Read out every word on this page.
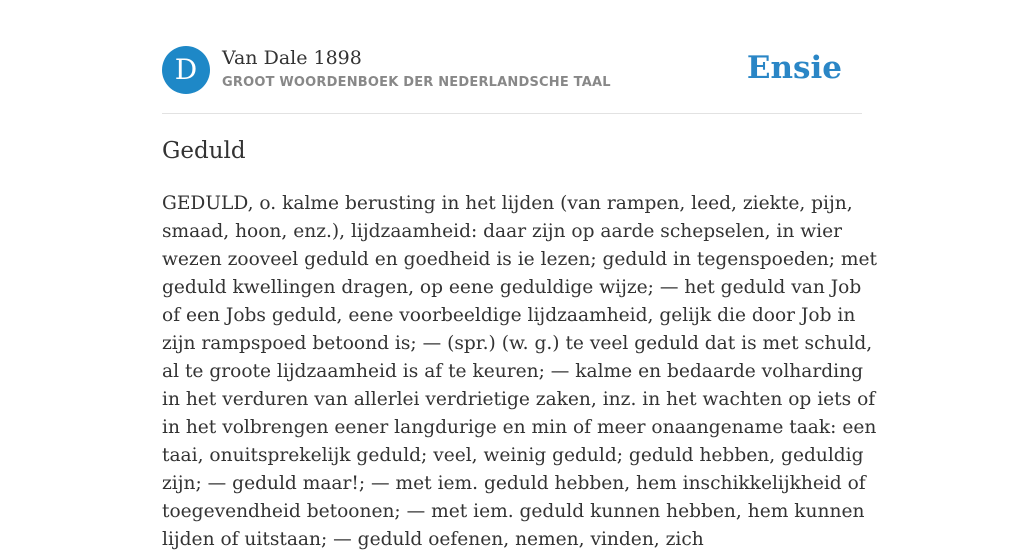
D	Van Dale 1898
GROOT WOORDENBOEK DER NEDERLANDSCHE TAAL	Ensie
Geduld

GEDULD, o. kalme berusting in het lijden (van rampen, leed, ziekte, pijn, smaad, hoon, enz.), lijdzaamheid: daar zijn op aarde schepselen, in wier wezen zooveel geduld en goedheid is ie lezen; geduld in tegenspoeden; met geduld kwellingen dragen, op eene geduldige wijze; — het geduld van Job of een Jobs geduld, eene voorbeeldige lijdzaamheid, gelijk die door Job in zijn rampspoed betoond is; — (spr.) (w. g.) te veel geduld dat is met schuld, al te groote lijdzaamheid is af te keuren; — kalme en bedaarde volharding in het verduren van allerlei verdrietige zaken, inz. in het wachten op iets of in het volbrengen eener langdurige en min of meer onaangename taak: een taai, onuitsprekelijk geduld; veel, weinig geduld; geduld hebben, geduldig zijn; — geduld maar!; — met iem. geduld hebben, hem inschikkelijkheid of toegevendheid betoonen; — met iem. geduld kunnen hebben, hem kunnen lijden of uitstaan; — geduld oefenen, nemen, vinden, zich
